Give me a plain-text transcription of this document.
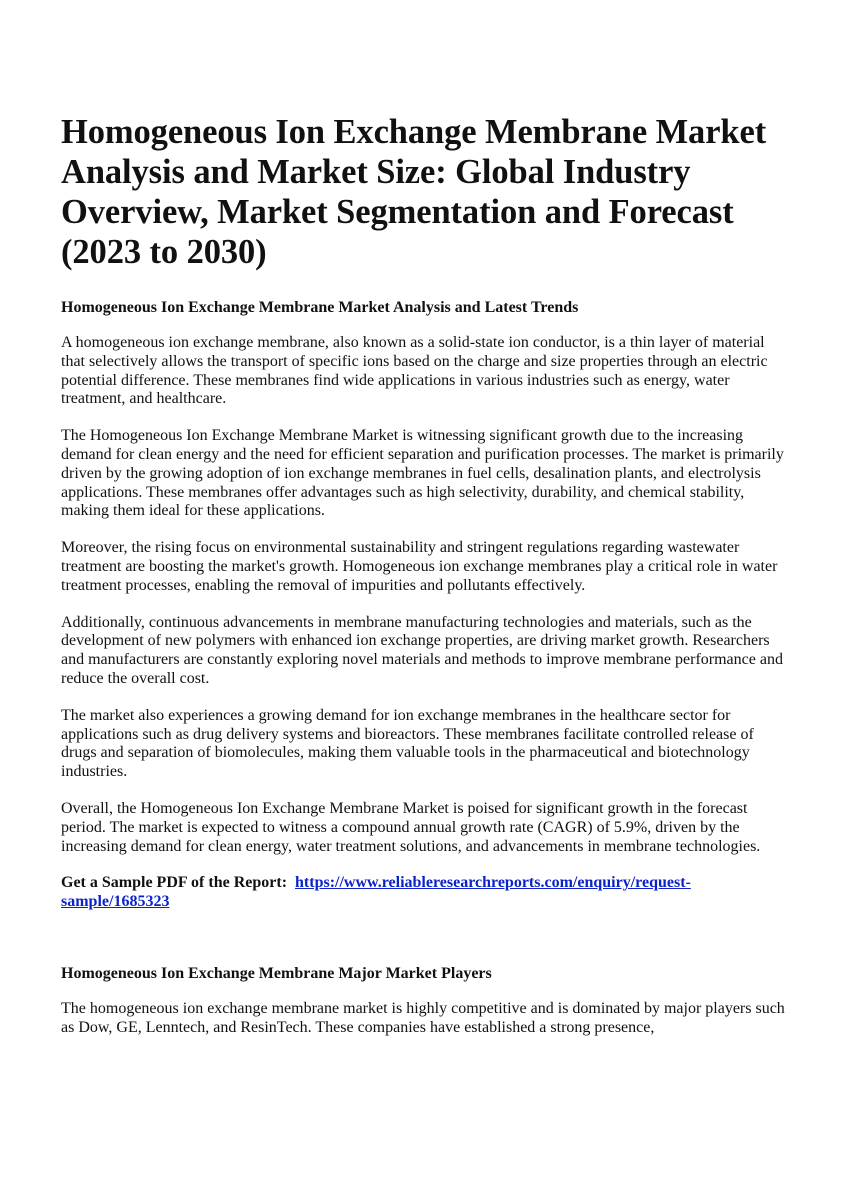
Homogeneous Ion Exchange Membrane Market Analysis and Market Size: Global Industry Overview, Market Segmentation and Forecast (2023 to 2030)
Homogeneous Ion Exchange Membrane Market Analysis and Latest Trends

A homogeneous ion exchange membrane, also known as a solid-state ion conductor, is a thin layer of material that selectively allows the transport of specific ions based on the charge and size properties through an electric potential difference. These membranes find wide applications in various industries such as energy, water treatment, and healthcare.

The Homogeneous Ion Exchange Membrane Market is witnessing significant growth due to the increasing demand for clean energy and the need for efficient separation and purification processes. The market is primarily driven by the growing adoption of ion exchange membranes in fuel cells, desalination plants, and electrolysis applications. These membranes offer advantages such as high selectivity, durability, and chemical stability, making them ideal for these applications.

Moreover, the rising focus on environmental sustainability and stringent regulations regarding wastewater treatment are boosting the market's growth. Homogeneous ion exchange membranes play a critical role in water treatment processes, enabling the removal of impurities and pollutants effectively.

Additionally, continuous advancements in membrane manufacturing technologies and materials, such as the development of new polymers with enhanced ion exchange properties, are driving market growth. Researchers and manufacturers are constantly exploring novel materials and methods to improve membrane performance and reduce the overall cost.

The market also experiences a growing demand for ion exchange membranes in the healthcare sector for applications such as drug delivery systems and bioreactors. These membranes facilitate controlled release of drugs and separation of biomolecules, making them valuable tools in the pharmaceutical and biotechnology industries.

Overall, the Homogeneous Ion Exchange Membrane Market is poised for significant growth in the forecast period. The market is expected to witness a compound annual growth rate (CAGR) of 5.9%, driven by the increasing demand for clean energy, water treatment solutions, and advancements in membrane technologies.

Get a Sample PDF of the Report: https://www.reliableresearchreports.com/enquiry/request-sample/1685323
Homogeneous Ion Exchange Membrane Major Market Players

The homogeneous ion exchange membrane market is highly competitive and is dominated by major players such as Dow, GE, Lenntech, and ResinTech. These companies have established a strong presence,
